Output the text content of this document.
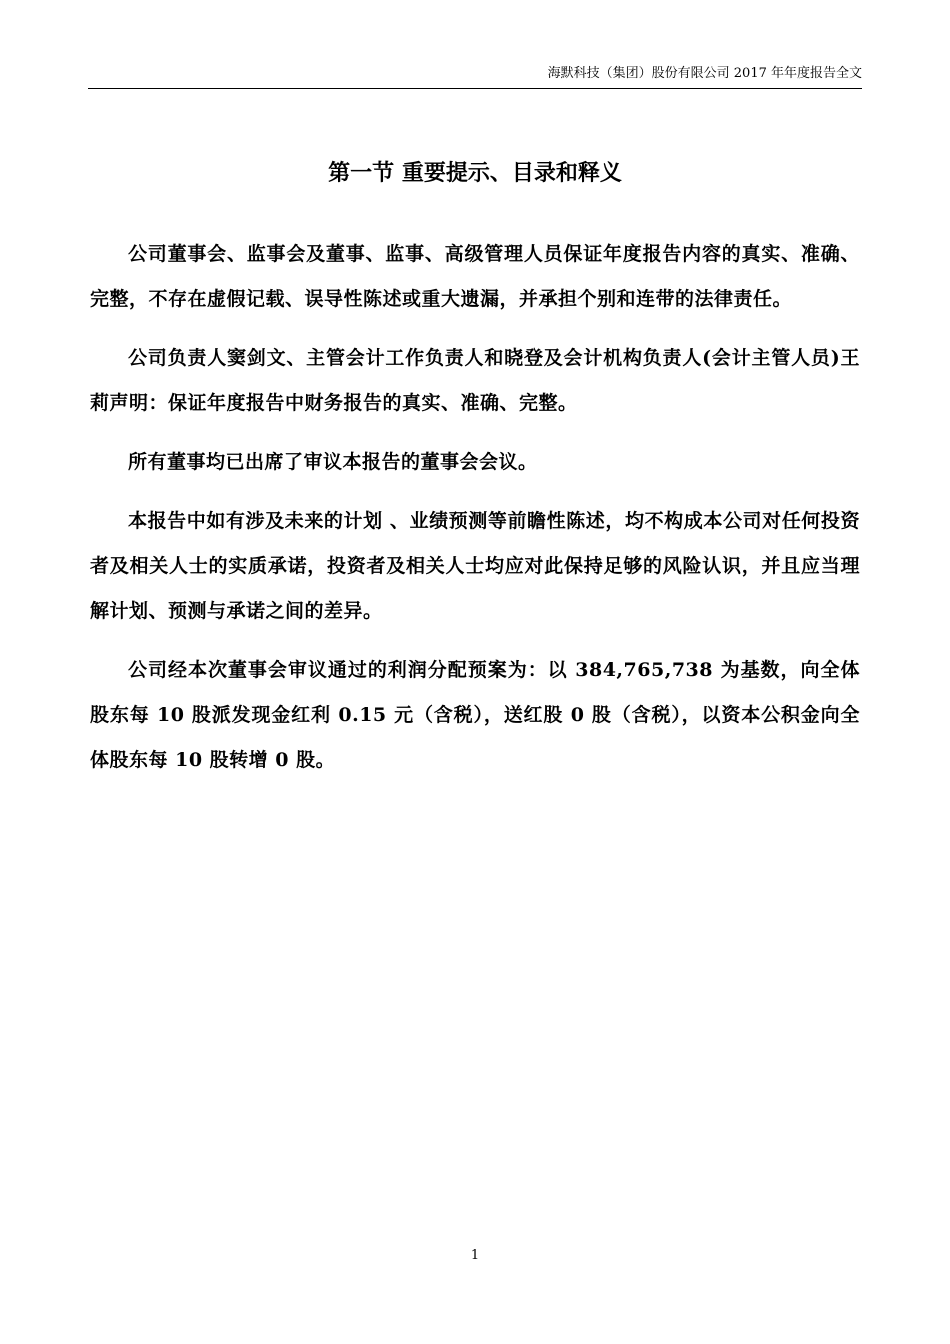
海默科技（集团）股份有限公司 2017 年年度报告全文
第一节 重要提示、目录和释义

公司董事会、监事会及董事、监事、高级管理人员保证年度报告内容的真实、准确、完整，不存在虚假记载、误导性陈述或重大遗漏，并承担个别和连带的法律责任。

公司负责人窦剑文、主管会计工作负责人和晓登及会计机构负责人(会计主管人员)王莉声明：保证年度报告中财务报告的真实、准确、完整。

所有董事均已出席了审议本报告的董事会会议。

本报告中如有涉及未来的计划 、业绩预测等前瞻性陈述，均不构成本公司对任何投资者及相关人士的实质承诺，投资者及相关人士均应对此保持足够的风险认识，并且应当理解计划、预测与承诺之间的差异。

公司经本次董事会审议通过的利润分配预案为：以 384,765,738 为基数，向全体股东每 10 股派发现金红利 0.15 元（含税），送红股 0 股（含税），以资本公积金向全体股东每 10 股转增 0 股。

1
